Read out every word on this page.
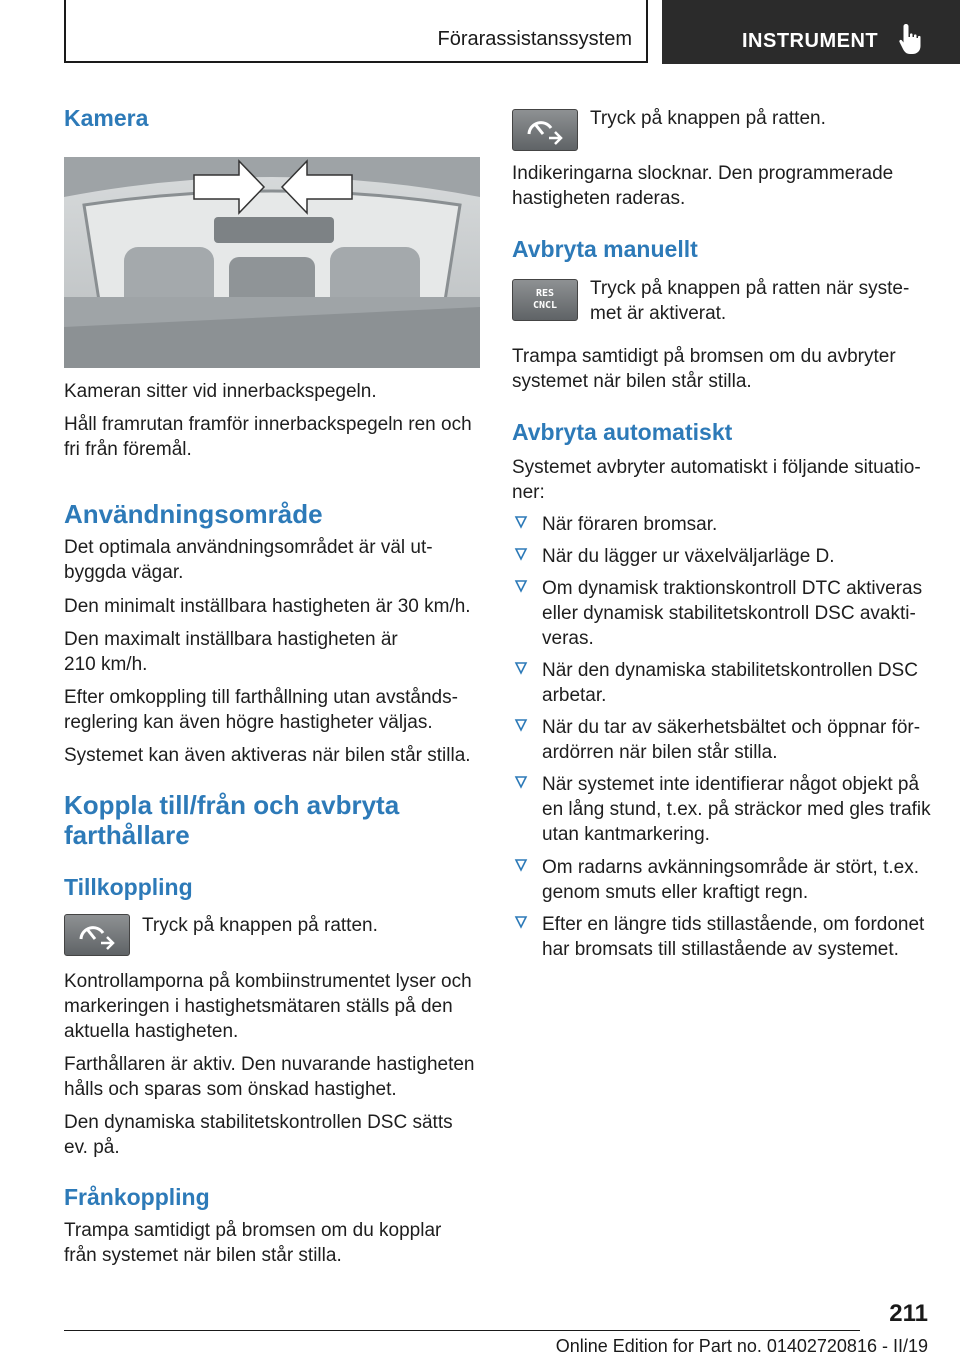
Förarassistanssystem	INSTRUMENT
Kamera

Kameran sitter vid innerbackspegeln.

Håll framrutan framför innerbackspegeln ren och

fri från föremål.

Användningsområde

Det optimala användningsområdet är väl ut-

byggda vägar.

Den minimalt inställbara hastigheten är 30 km/h.

Den maximalt inställbara hastigheten är

210 km/h.

Efter omkoppling till farthållning utan avstånds-

reglering kan även högre hastigheter väljas.

Systemet kan även aktiveras när bilen står stilla.

Koppla till/från och avbryta
farthållare
Tillkoppling

Tryck på knappen på ratten.

Kontrollamporna på kombiinstrumentet lyser och

markeringen i hastighetsmätaren ställs på den

aktuella hastigheten.

Farthållaren är aktiv. Den nuvarande hastigheten

hålls och sparas som önskad hastighet.

Den dynamiska stabilitetskontrollen DSC sätts

ev. på.

Frånkoppling

Trampa samtidigt på bromsen om du kopplar

från systemet när bilen står stilla.

Tryck på knappen på ratten.

Indikeringarna slocknar. Den programmerade

hastigheten raderas.

Avbryta manuellt
RES
CNCL

Tryck på knappen på ratten när syste-

met är aktiverat.

Trampa samtidigt på bromsen om du avbryter

systemet när bilen står stilla.

Avbryta automatiskt

Systemet avbryter automatiskt i följande situatio-

ner:

När föraren bromsar.
När du lägger ur växelväljarläge D.
Om dynamisk traktionskontroll DTC aktiveras
eller dynamisk stabilitetskontroll DSC avakti-
veras.
När den dynamiska stabilitetskontrollen DSC
arbetar.
När du tar av säkerhetsbältet och öppnar för-
ardörren när bilen står stilla.
När systemet inte identifierar något objekt på
en lång stund, t.ex. på sträckor med gles trafik
utan kantmarkering.
Om radarns avkänningsområde är stört, t.ex.
genom smuts eller kraftigt regn.
Efter en längre tids stillastående, om fordonet
har bromsats till stillastående av systemet.
211
Online Edition for Part no. 01402720816 - II/19
